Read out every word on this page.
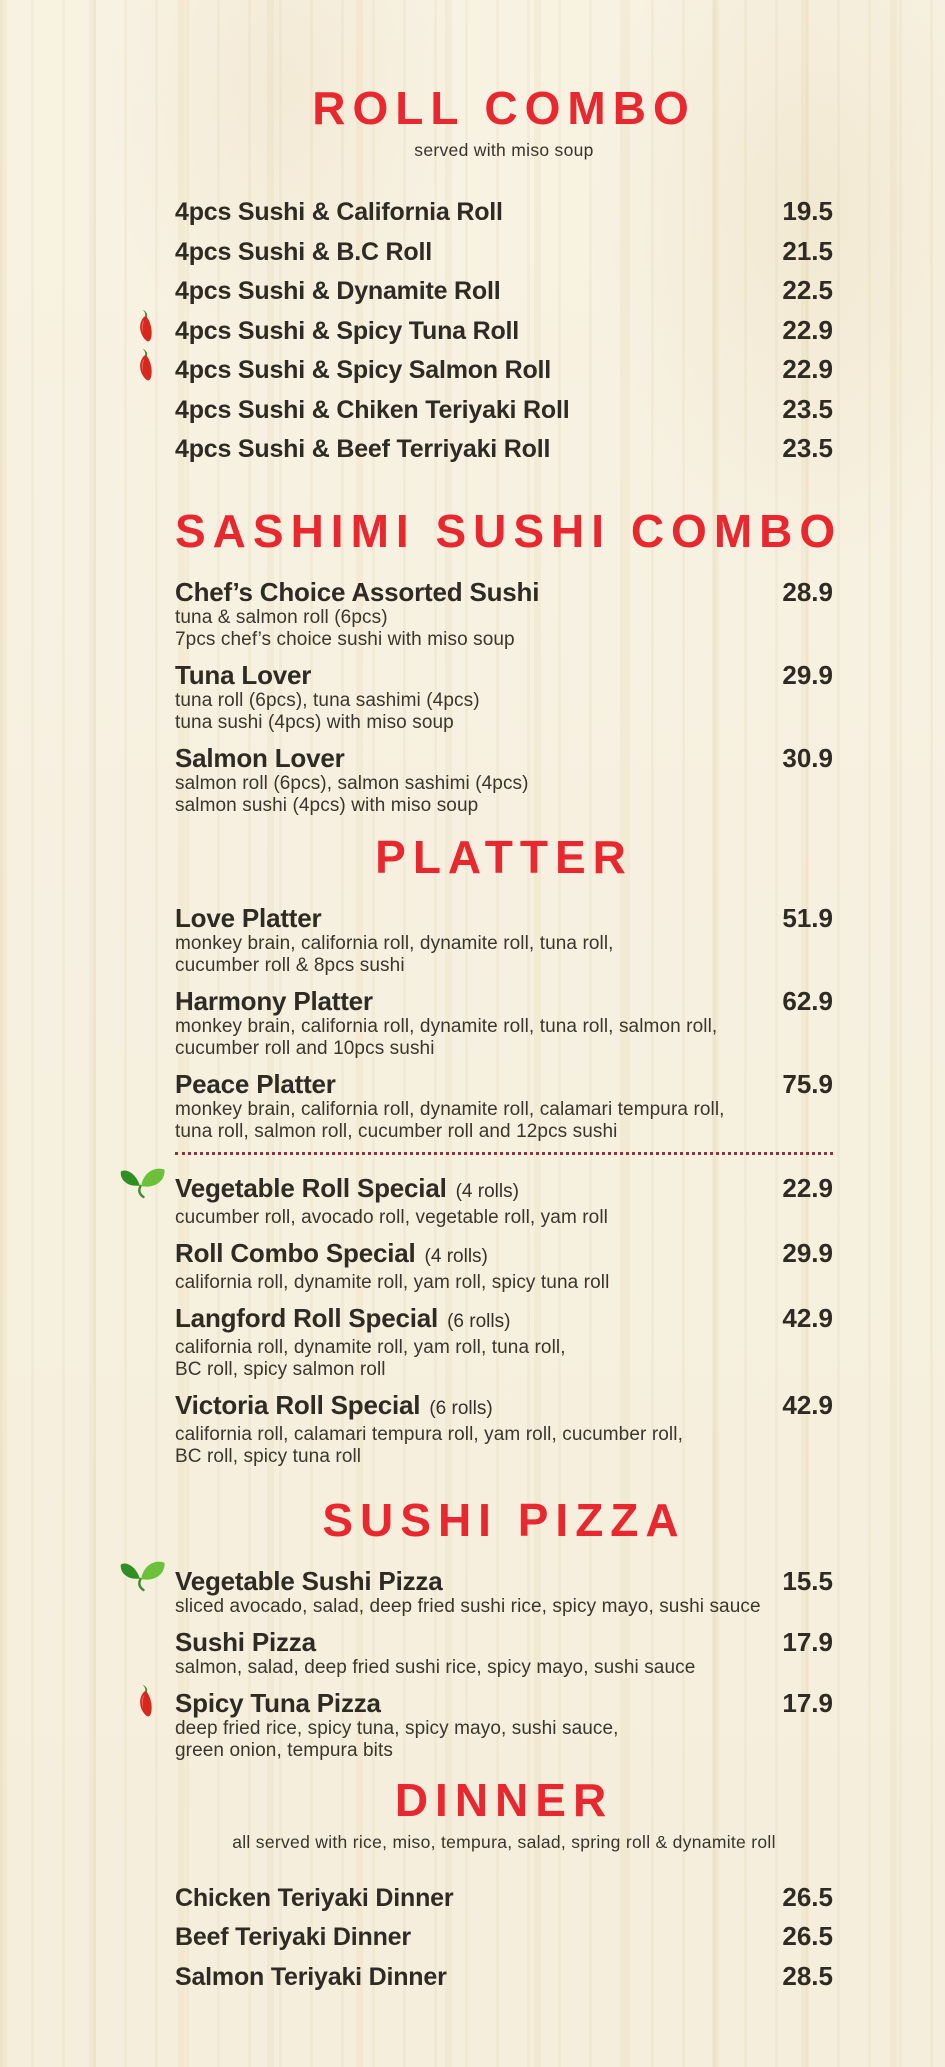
ROLL COMBO
served with miso soup
4pcs Sushi & California Roll	19.5
4pcs Sushi & B.C Roll	21.5
4pcs Sushi & Dynamite Roll	22.5
4pcs Sushi & Spicy Tuna Roll	22.9
4pcs Sushi & Spicy Salmon Roll	22.9
4pcs Sushi & Chiken Teriyaki Roll	23.5
4pcs Sushi & Beef Terriyaki Roll	23.5
SASHIMI SUSHI COMBO
Chef’s Choice Assorted Sushi	28.9
tuna & salmon roll (6pcs)
7pcs chef’s choice sushi with miso soup
Tuna Lover	29.9
tuna roll (6pcs), tuna sashimi (4pcs)
tuna sushi (4pcs) with miso soup
Salmon Lover	30.9
salmon roll (6pcs), salmon sashimi (4pcs)
salmon sushi (4pcs) with miso soup
PLATTER
Love Platter	51.9
monkey brain, california roll, dynamite roll, tuna roll,
cucumber roll & 8pcs sushi
Harmony Platter	62.9
monkey brain, california roll, dynamite roll, tuna roll, salmon roll,
cucumber roll and 10pcs sushi
Peace Platter	75.9
monkey brain, california roll, dynamite roll, calamari tempura roll,
tuna roll, salmon roll, cucumber roll and 12pcs sushi
Vegetable Roll Special (4 rolls)	22.9
cucumber roll, avocado roll, vegetable roll, yam roll
Roll Combo Special (4 rolls)	29.9
california roll, dynamite roll, yam roll, spicy tuna roll
Langford Roll Special (6 rolls)	42.9
california roll, dynamite roll, yam roll, tuna roll,
BC roll, spicy salmon roll
Victoria Roll Special (6 rolls)	42.9
california roll, calamari tempura roll, yam roll, cucumber roll,
BC roll, spicy tuna roll
SUSHI PIZZA
Vegetable Sushi Pizza	15.5
sliced avocado, salad, deep fried sushi rice, spicy mayo, sushi sauce
Sushi Pizza	17.9
salmon, salad, deep fried sushi rice, spicy mayo, sushi sauce
Spicy Tuna Pizza	17.9
deep fried rice, spicy tuna, spicy mayo, sushi sauce,
green onion, tempura bits
DINNER
all served with rice, miso, tempura, salad, spring roll & dynamite roll
Chicken Teriyaki Dinner	26.5
Beef Teriyaki Dinner	26.5
Salmon Teriyaki Dinner	28.5
